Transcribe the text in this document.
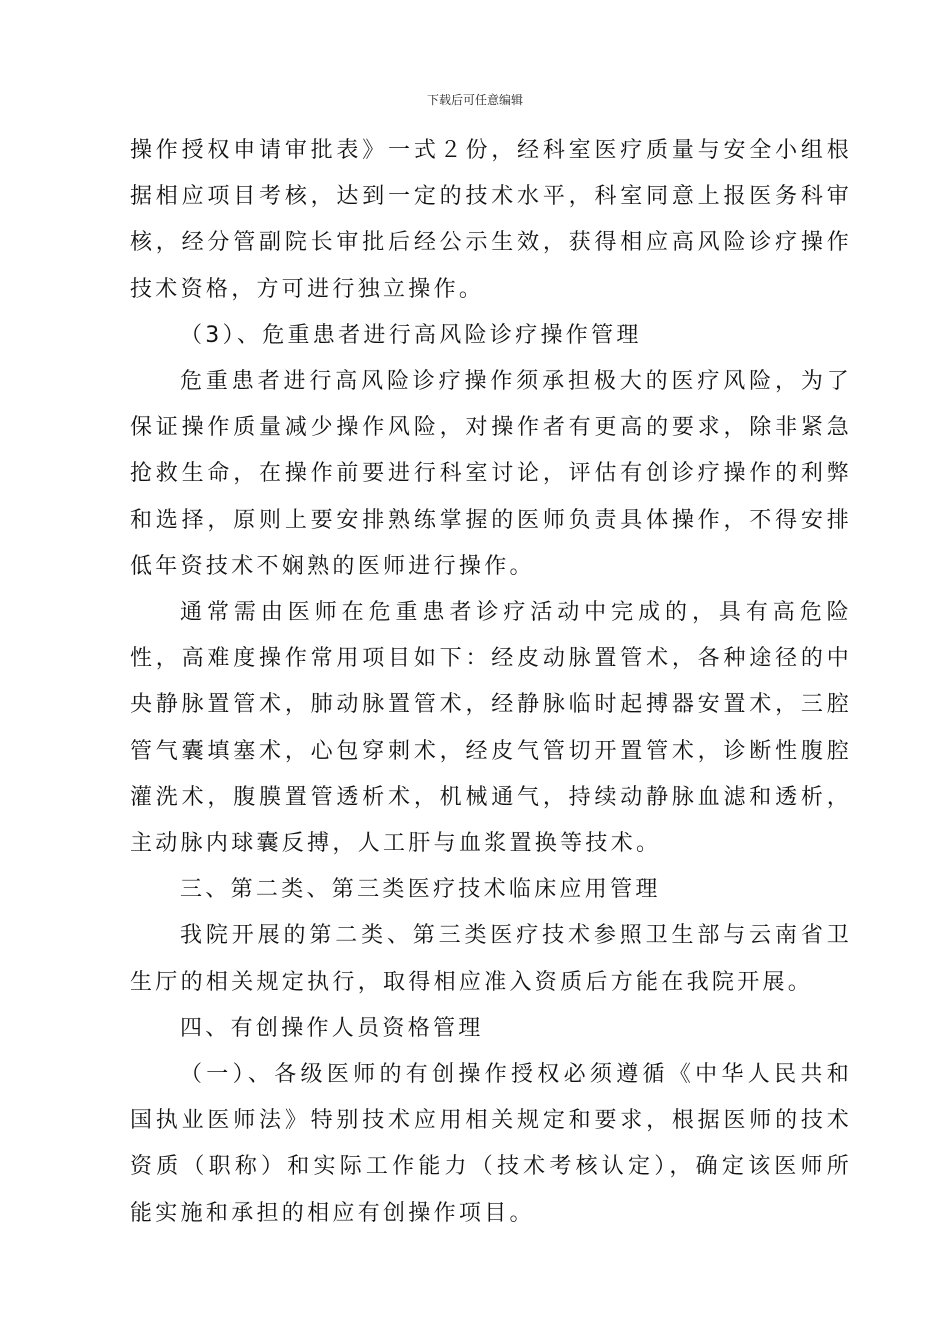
下载后可任意编辑

操作授权申请审批表》一式２份，经科室医疗质量与安全小组根据相应项目考核，达到一定的技术水平，科室同意上报医务科审核，经分管副院长审批后经公示生效，获得相应高风险诊疗操作技术资格，方可进行独立操作。

（3）、危重患者进行高风险诊疗操作管理

危重患者进行高风险诊疗操作须承担极大的医疗风险，为了保证操作质量减少操作风险，对操作者有更高的要求，除非紧急抢救生命，在操作前要进行科室讨论，评估有创诊疗操作的利弊和选择，原则上要安排熟练掌握的医师负责具体操作，不得安排低年资技术不娴熟的医师进行操作。

通常需由医师在危重患者诊疗活动中完成的，具有高危险性，高难度操作常用项目如下：经皮动脉置管术，各种途径的中央静脉置管术，肺动脉置管术，经静脉临时起搏器安置术，三腔管气囊填塞术，心包穿刺术，经皮气管切开置管术，诊断性腹腔灌洗术，腹膜置管透析术，机械通气，持续动静脉血滤和透析，主动脉内球囊反搏，人工肝与血浆置换等技术。

三、第二类、第三类医疗技术临床应用管理

我院开展的第二类、第三类医疗技术参照卫生部与云南省卫生厅的相关规定执行，取得相应准入资质后方能在我院开展。

四、有创操作人员资格管理

（一）、各级医师的有创操作授权必须遵循《中华人民共和国执业医师法》特别技术应用相关规定和要求，根据医师的技术资质（职称）和实际工作能力（技术考核认定），确定该医师所能实施和承担的相应有创操作项目。
